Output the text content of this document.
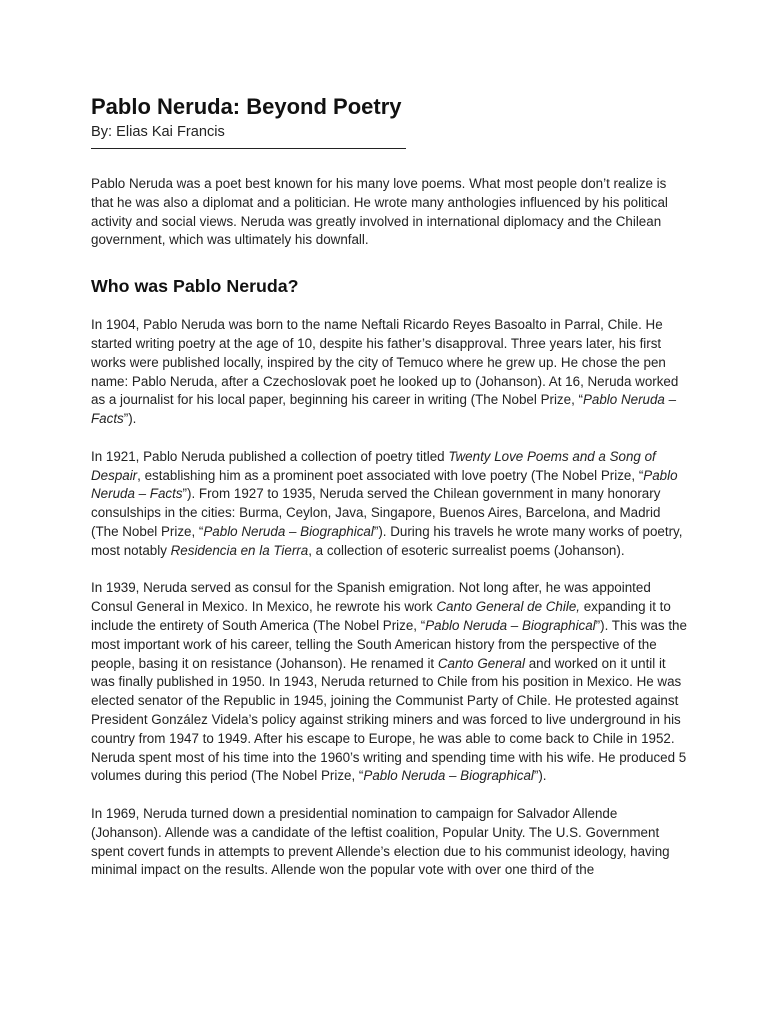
Pablo Neruda: Beyond Poetry

By: Elias Kai Francis

Pablo Neruda was a poet best known for his many love poems. What most people don’t realize is that he was also a diplomat and a politician. He wrote many anthologies influenced by his political activity and social views. Neruda was greatly involved in international diplomacy and the Chilean government, which was ultimately his downfall.

Who was Pablo Neruda?

In 1904, Pablo Neruda was born to the name Neftali Ricardo Reyes Basoalto in Parral, Chile. He started writing poetry at the age of 10, despite his father’s disapproval. Three years later, his first works were published locally, inspired by the city of Temuco where he grew up. He chose the pen name: Pablo Neruda, after a Czechoslovak poet he looked up to (Johanson). At 16, Neruda worked as a journalist for his local paper, beginning his career in writing (The Nobel Prize, “Pablo Neruda – Facts”).

In 1921, Pablo Neruda published a collection of poetry titled Twenty Love Poems and a Song of Despair, establishing him as a prominent poet associated with love poetry (The Nobel Prize, “Pablo Neruda – Facts”). From 1927 to 1935, Neruda served the Chilean government in many honorary consulships in the cities: Burma, Ceylon, Java, Singapore, Buenos Aires, Barcelona, and Madrid (The Nobel Prize, “Pablo Neruda – Biographical”). During his travels he wrote many works of poetry, most notably Residencia en la Tierra, a collection of esoteric surrealist poems (Johanson).

In 1939, Neruda served as consul for the Spanish emigration. Not long after, he was appointed Consul General in Mexico. In Mexico, he rewrote his work Canto General de Chile, expanding it to include the entirety of South America (The Nobel Prize, “Pablo Neruda – Biographical”). This was the most important work of his career, telling the South American history from the perspective of the people, basing it on resistance (Johanson). He renamed it Canto General and worked on it until it was finally published in 1950. In 1943, Neruda returned to Chile from his position in Mexico. He was elected senator of the Republic in 1945, joining the Communist Party of Chile. He protested against President González Videla’s policy against striking miners and was forced to live underground in his country from 1947 to 1949. After his escape to Europe, he was able to come back to Chile in 1952. Neruda spent most of his time into the 1960’s writing and spending time with his wife. He produced 5 volumes during this period (The Nobel Prize, “Pablo Neruda – Biographical”).

In 1969, Neruda turned down a presidential nomination to campaign for Salvador Allende (Johanson). Allende was a candidate of the leftist coalition, Popular Unity. The U.S. Government spent covert funds in attempts to prevent Allende’s election due to his communist ideology, having minimal impact on the results. Allende won the popular vote with over one third of the
